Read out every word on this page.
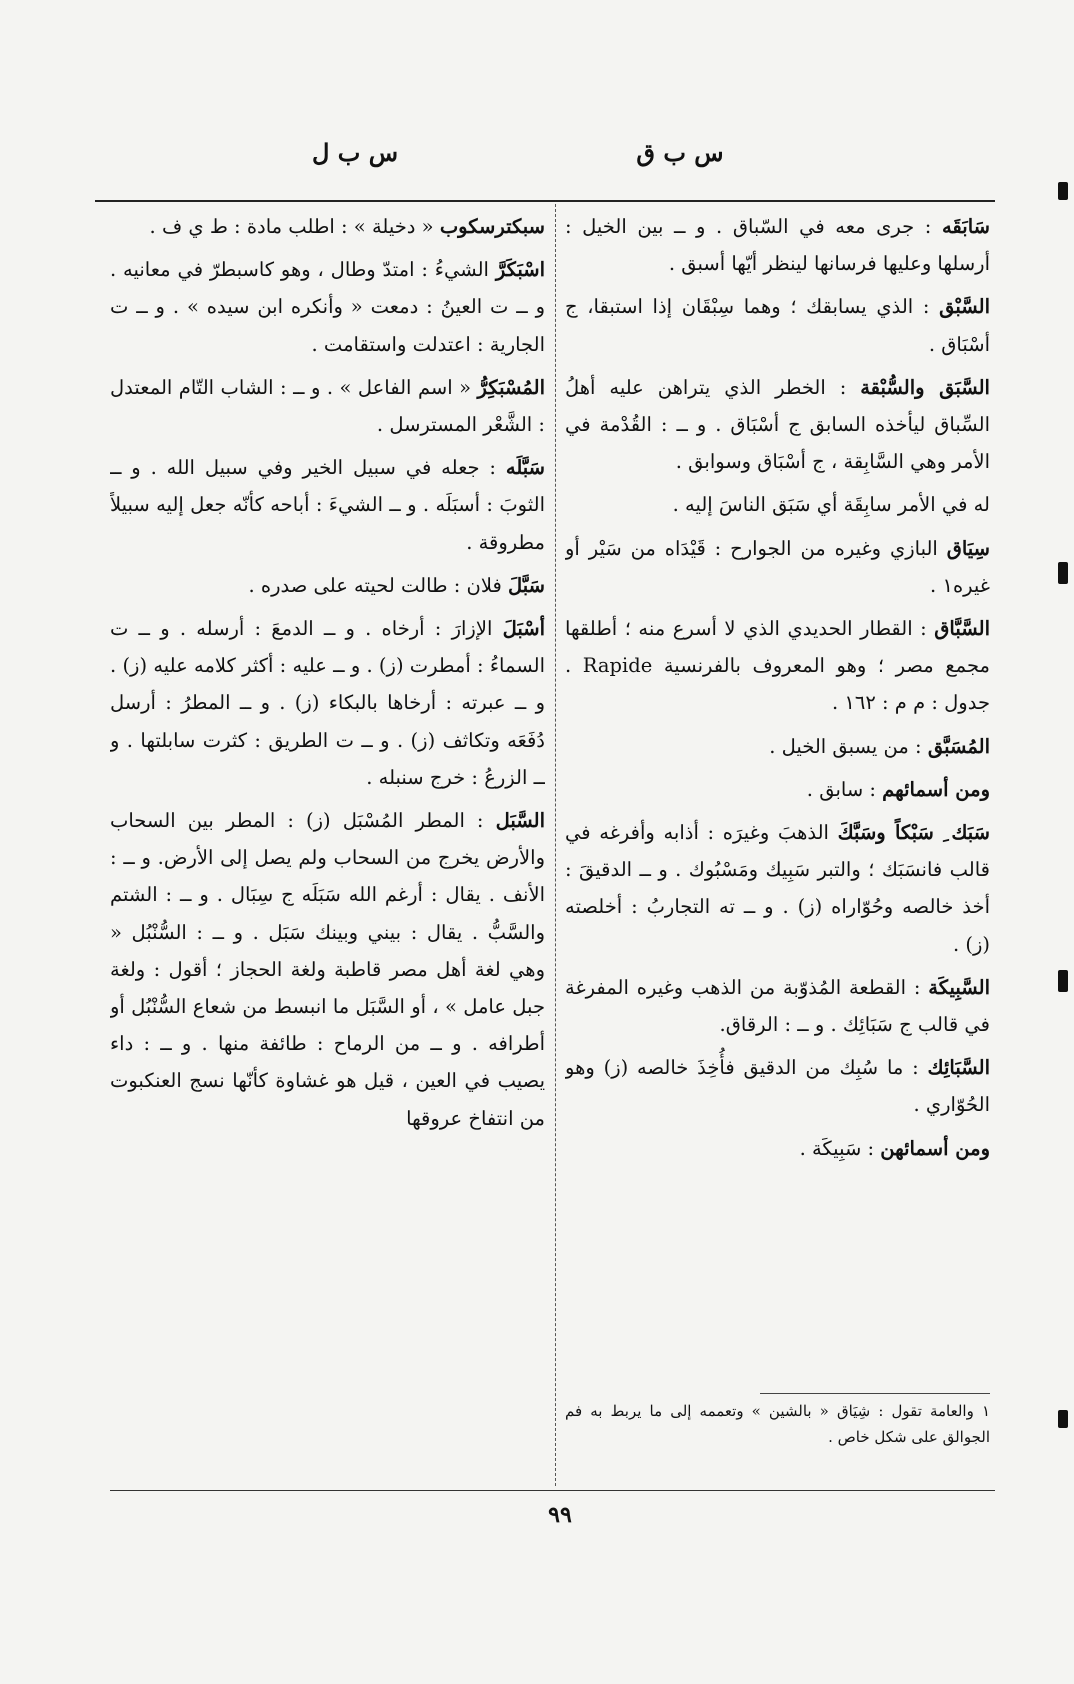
س ب ق
س ب ل

سَابَقَه : جرى معه في السّباق . و ــ بين الخيل : أرسلها وعليها فرسانها لينظر أيّها أسبق .

السَّبْق : الذي يسابقك ؛ وهما سِبْقَان إذا استبقا، ج أسْبَاق .

السَّبَق والسُّبْقة : الخطر الذي يتراهن عليه أهلُ السِّباق ليأخذه السابق ج أسْبَاق . و ــ : القُدْمة في الأمر وهي السَّابِقة ، ج أسْبَاق وسوابق .

له في الأمر سابِقَة أي سَبَق الناسَ إليه .

سِيَاق البازي وغيره من الجوارح : قَيْدَاه من سَيْر أو غيره١ .

السَّبَّاق : القطار الحديدي الذي لا أسرع منه ؛ أطلقها مجمع مصر ؛ وهو المعروف بالفرنسية Rapide . جدول : م م : ١٦٢ .

المُسَبَّق : من يسبق الخيل .

ومن أسمائهم : سابق .

سَبَك ِ سَبْكاً وسَبَّكَ الذهبَ وغيرَه : أذابه وأفرغه في قالب فانسَبَك ؛ والتبر سَبِيك ومَسْبُوك . و ــ الدقيقَ : أخذ خالصه وحُوّاراه (ز) . و ــ ته التجاربُ : أخلصته (ز) .

السَّبِيكَة : القطعة المُذوّبة من الذهب وغيره المفرغة في قالب ج سَبَائِك . و ــ : الرقاق.

السَّبَائِك : ما سُبِك من الدقيق فأُخِذَ خالصه (ز) وهو الحُوّاري .

ومن أسمائهن : سَبِيكَة .

١ والعامة تقول : شِيَاق « بالشين » وتعممه إلى ما يربط به فم الجوالق على شكل خاص .

سبكترسكوب « دخيلة » : اطلب مادة : ط ي ف .

اسْبَكَرَّ الشيءُ : امتدّ وطال ، وهو كاسبطرّ في معانيه . و ــ ت العينُ : دمعت « وأنكره ابن سيده » . و ــ ت الجارية : اعتدلت واستقامت .

المُسْبَكِرُّ « اسم الفاعل » . و ــ : الشاب التّام المعتدل : الشَّعْر المسترسل .

سَبَّلَه : جعله في سبيل الخير وفي سبيل الله . و ــ الثوبَ : أسبَلَه . و ــ الشيءَ : أباحه كأنّه جعل إليه سبيلاً مطروقة .

سَبَّلَ فلان : طالت لحيته على صدره .

أسْبَلَ الإزارَ : أرخاه . و ــ الدمعَ : أرسله . و ــ ت السماءُ : أمطرت (ز) . و ــ عليه : أكثر كلامه عليه (ز) . و ــ عبرته : أرخاها بالبكاء (ز) . و ــ المطرُ : أرسل دُفَعَه وتكاثف (ز) . و ــ ت الطريق : كثرت سابلتها . و ــ الزرعُ : خرج سنبله .

السَّبَل : المطر المُسْبَل (ز) : المطر بين السحاب والأرض يخرج من السحاب ولم يصل إلى الأرض. و ــ : الأنف . يقال : أرغم الله سَبَلَه ج سِبَال . و ــ : الشتم والسَّبُّ . يقال : بيني وبينك سَبَل . و ــ : السُّنْبُل « وهي لغة أهل مصر قاطبة ولغة الحجاز ؛ أقول : ولغة جبل عامل » ، أو السَّبَل ما انبسط من شعاع السُّنْبُل أو أطرافه . و ــ من الرماح : طائفة منها . و ــ : داء يصيب في العين ، قيل هو غشاوة كأنّها نسج العنكبوت من انتفاخ عروقها

٩٩
